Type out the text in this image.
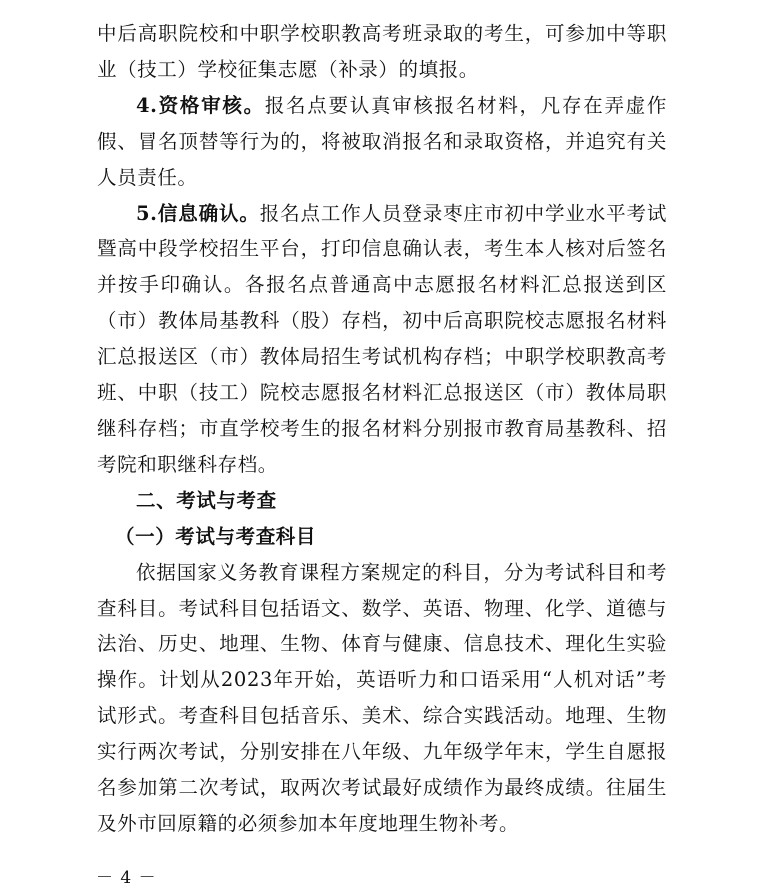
中后高职院校和中职学校职教高考班录取的考生，可参加中等职业（技工）学校征集志愿（补录）的填报。

4.资格审核。报名点要认真审核报名材料，凡存在弄虚作假、冒名顶替等行为的，将被取消报名和录取资格，并追究有关人员责任。

5.信息确认。报名点工作人员登录枣庄市初中学业水平考试暨高中段学校招生平台，打印信息确认表，考生本人核对后签名并按手印确认。各报名点普通高中志愿报名材料汇总报送到区（市）教体局基教科（股）存档，初中后高职院校志愿报名材料汇总报送区（市）教体局招生考试机构存档；中职学校职教高考班、中职（技工）院校志愿报名材料汇总报送区（市）教体局职继科存档；市直学校考生的报名材料分别报市教育局基教科、招考院和职继科存档。

二、考试与考查

（一）考试与考查科目

依据国家义务教育课程方案规定的科目，分为考试科目和考查科目。考试科目包括语文、数学、英语、物理、化学、道德与法治、历史、地理、生物、体育与健康、信息技术、理化生实验操作。计划从2023年开始，英语听力和口语采用“人机对话”考试形式。考查科目包括音乐、美术、综合实践活动。地理、生物实行两次考试，分别安排在八年级、九年级学年末，学生自愿报名参加第二次考试，取两次考试最好成绩作为最终成绩。往届生及外市回原籍的必须参加本年度地理生物补考。

－ 4 －
